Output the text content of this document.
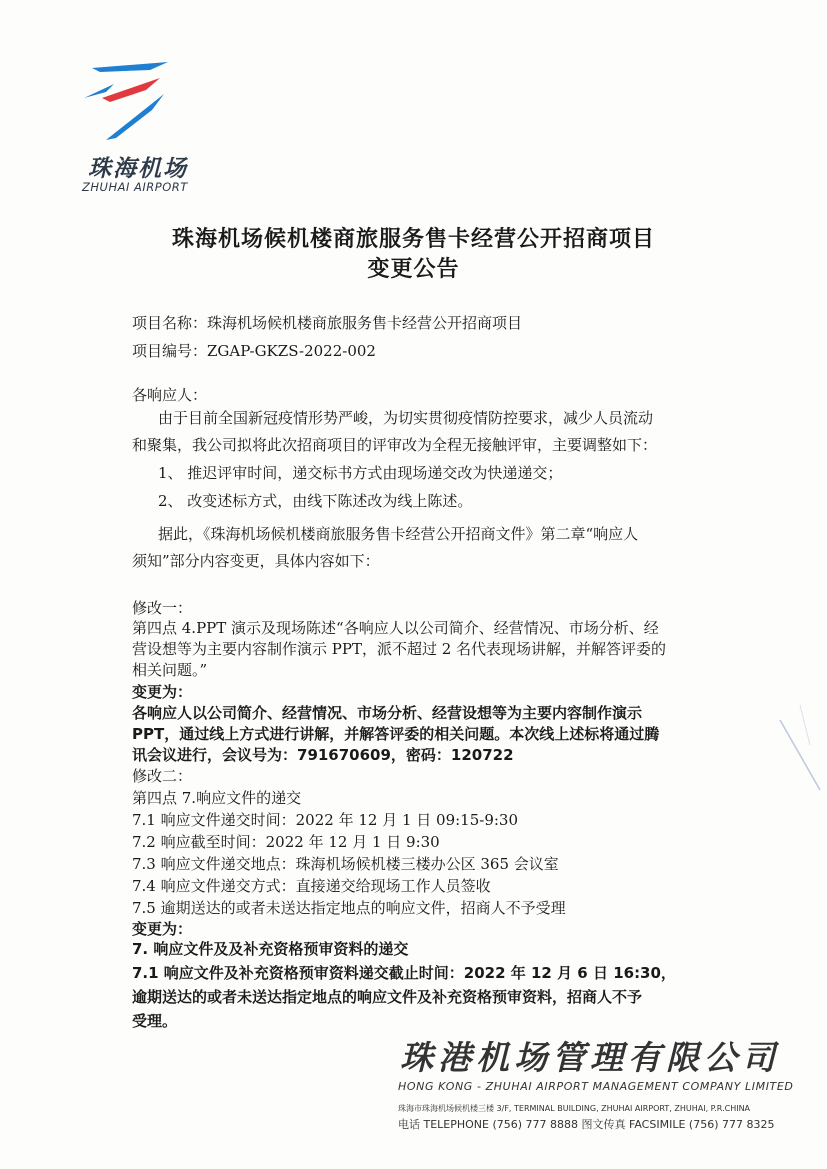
珠海机场
ZHUHAI AIRPORT
珠海机场候机楼商旅服务售卡经营公开招商项目
变更公告
项目名称：珠海机场候机楼商旅服务售卡经营公开招商项目
项目编号：ZGAP-GKZS-2022-002
各响应人：
由于目前全国新冠疫情形势严峻，为切实贯彻疫情防控要求，减少人员流动
和聚集，我公司拟将此次招商项目的评审改为全程无接触评审，主要调整如下：
1、 推迟评审时间，递交标书方式由现场递交改为快递递交；
2、 改变述标方式，由线下陈述改为线上陈述。
据此，《珠海机场候机楼商旅服务售卡经营公开招商文件》第二章“响应人
须知”部分内容变更，具体内容如下：
修改一：
第四点 4.PPT 演示及现场陈述“各响应人以公司简介、经营情况、市场分析、经
营设想等为主要内容制作演示 PPT，派不超过 2 名代表现场讲解，并解答评委的
相关问题。”
变更为：
各响应人以公司简介、经营情况、市场分析、经营设想等为主要内容制作演示
PPT，通过线上方式进行讲解，并解答评委的相关问题。本次线上述标将通过腾
讯会议进行，会议号为：791670609，密码：120722
修改二：
第四点 7.响应文件的递交
7.1 响应文件递交时间：2022 年 12 月 1 日 09:15-9:30
7.2 响应截至时间：2022 年 12 月 1 日 9:30
7.3 响应文件递交地点：珠海机场候机楼三楼办公区 365 会议室
7.4 响应文件递交方式：直接递交给现场工作人员签收
7.5 逾期送达的或者未送达指定地点的响应文件，招商人不予受理
变更为：
7. 响应文件及及补充资格预审资料的递交
7.1 响应文件及补充资格预审资料递交截止时间：2022 年 12 月 6 日 16:30，
逾期送达的或者未送达指定地点的响应文件及补充资格预审资料，招商人不予
受理。
珠港机场管理有限公司
HONG KONG - ZHUHAI AIRPORT MANAGEMENT COMPANY LIMITED
珠海市珠海机场候机楼三楼 3/F, TERMINAL BUILDING, ZHUHAI AIRPORT, ZHUHAI, P.R.CHINA
电话 TELEPHONE (756) 777 8888 图文传真 FACSIMILE (756) 777 8325
